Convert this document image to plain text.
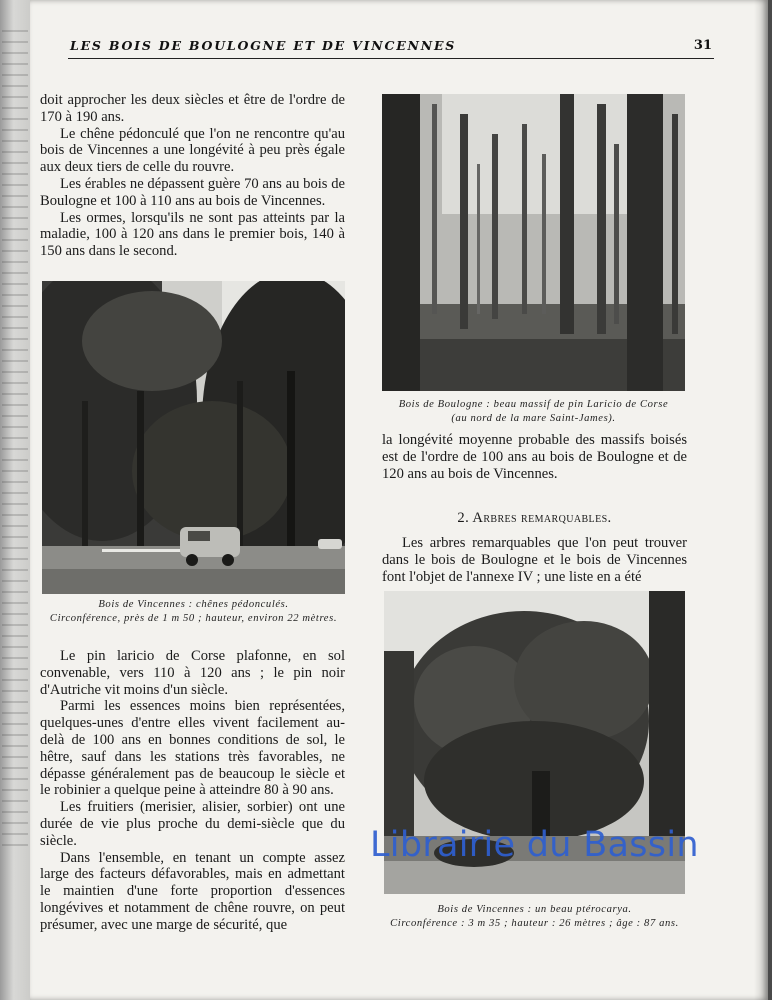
LES BOIS DE BOULOGNE ET DE VINCENNES	31

doit approcher les deux siècles et être de l'ordre de 170 à 190 ans.

Le chêne pédonculé que l'on ne rencontre qu'au bois de Vincennes a une longévité à peu près égale aux deux tiers de celle du rouvre.

Les érables ne dépassent guère 70 ans au bois de Boulogne et 100 à 110 ans au bois de Vincennes.

Les ormes, lorsqu'ils ne sont pas atteints par la maladie, 100 à 120 ans dans le premier bois, 140 à 150 ans dans le second.

Bois de Vincennes : chênes pédonculés.
Circonférence, près de 1 m 50 ; hauteur, environ 22 mètres.

Le pin laricio de Corse plafonne, en sol convenable, vers 110 à 120 ans ; le pin noir d'Autriche vit moins d'un siècle.

Parmi les essences moins bien représentées, quelques-unes d'entre elles vivent facilement au-delà de 100 ans en bonnes conditions de sol, le hêtre, sauf dans les stations très favorables, ne dépasse généralement pas de beaucoup le siècle et le robinier a quelque peine à atteindre 80 à 90 ans.

Les fruitiers (merisier, alisier, sorbier) ont une durée de vie plus proche du demi-siècle que du siècle.

Dans l'ensemble, en tenant un compte assez large des facteurs défavorables, mais en admettant le maintien d'une forte proportion d'essences longévives et notamment de chêne rouvre, on peut présumer, avec une marge de sécurité, que

Bois de Boulogne : beau massif de pin Laricio de Corse
(au nord de la mare Saint-James).

la longévité moyenne probable des massifs boisés est de l'ordre de 100 ans au bois de Boulogne et de 120 ans au bois de Vincennes.

2. Arbres remarquables.

Les arbres remarquables que l'on peut trouver dans le bois de Boulogne et le bois de Vincennes font l'objet de l'annexe IV ; une liste en a été

Bois de Vincennes : un beau ptérocarya.
Circonférence : 3 m 35 ; hauteur : 26 mètres ; âge : 87 ans.
Librairie du Bassin
